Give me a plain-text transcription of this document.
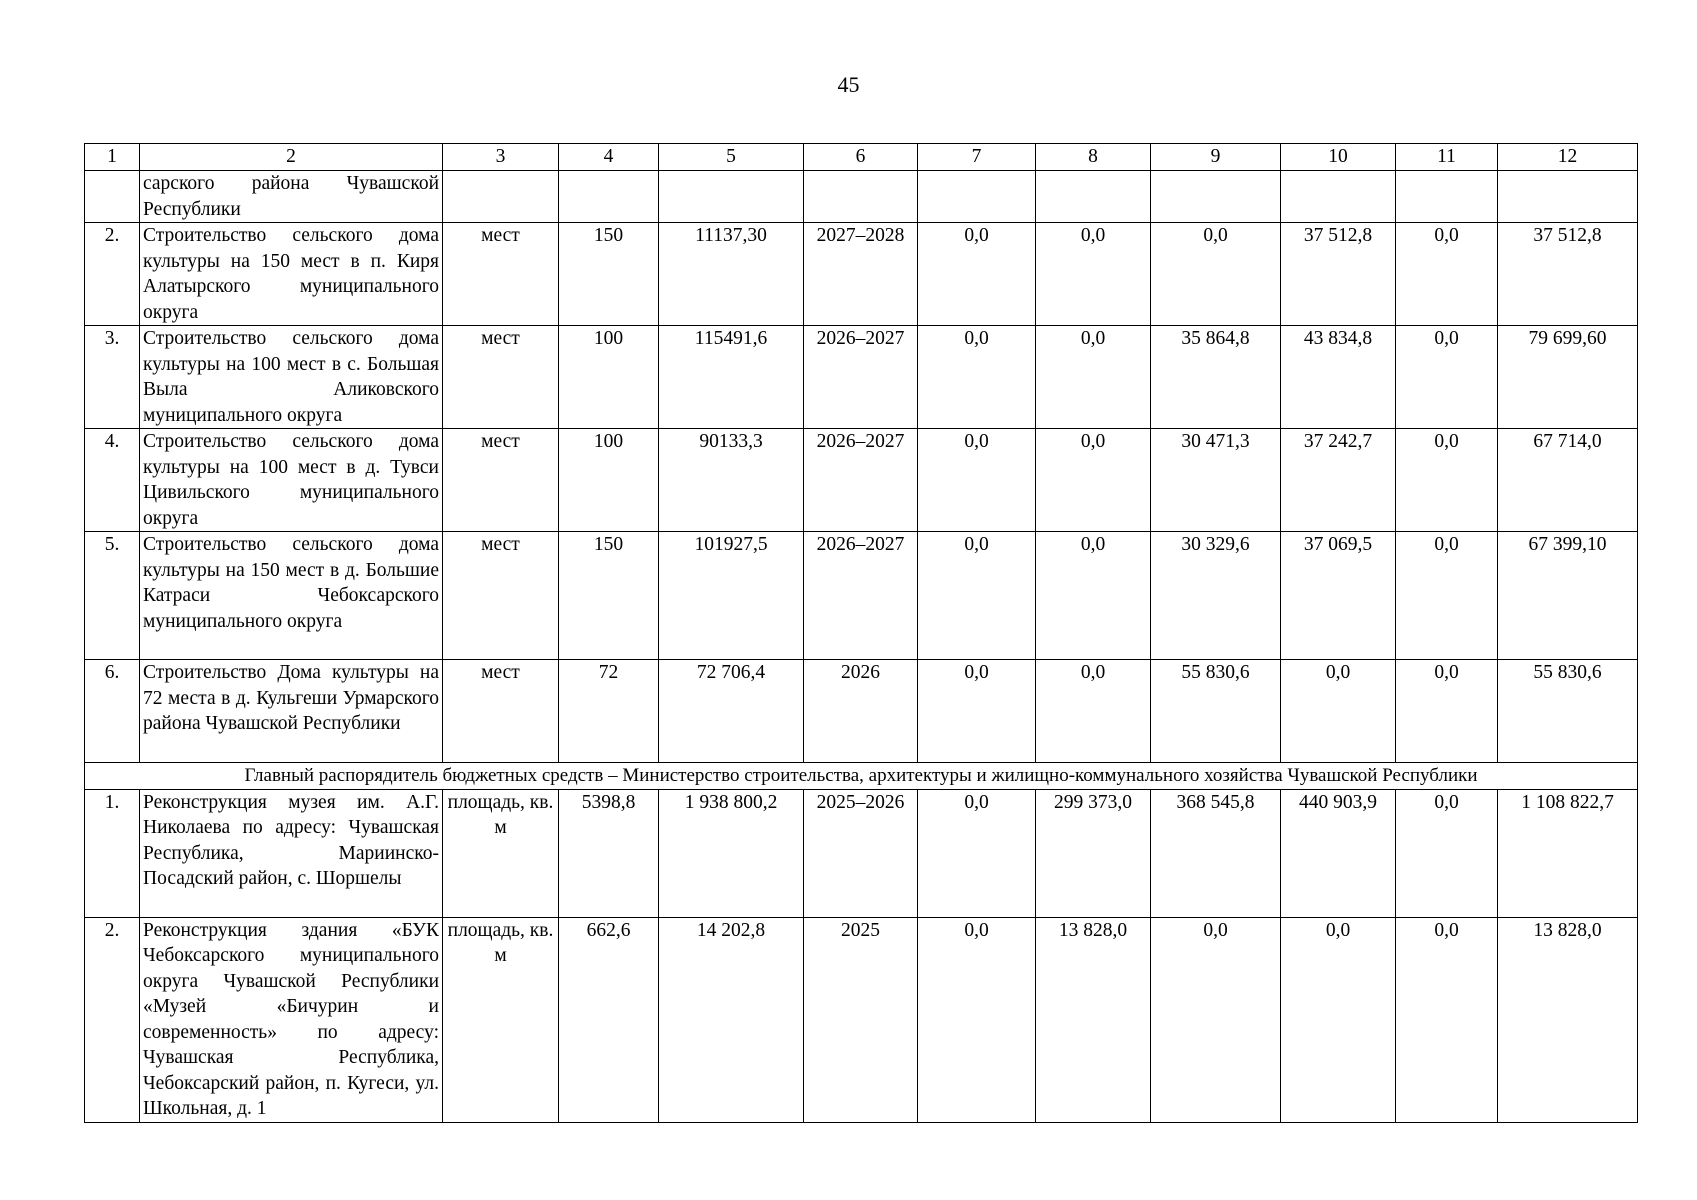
45
1	2	3	4	5	6	7	8	9	10	11	12
	сарского района Чувашской Республики										
2.	Строительство сельского дома культуры на 150 мест в п. Киря Алатырского муниципального округа	мест	150	11137,30	2027–2028	0,0	0,0	0,0	37 512,8	0,0	37 512,8
3.	Строительство сельского дома культуры на 100 мест в с. Большая Выла Аликовского муниципального округа	мест	100	115491,6	2026–2027	0,0	0,0	35 864,8	43 834,8	0,0	79 699,60
4.	Строительство сельского дома культуры на 100 мест в д. Тувси Цивильского муниципального округа	мест	100	90133,3	2026–2027	0,0	0,0	30 471,3	37 242,7	0,0	67 714,0
5.	Строительство сельского дома культуры на 150 мест в д. Большие Катраси Чебоксарского муниципального округа	мест	150	101927,5	2026–2027	0,0	0,0	30 329,6	37 069,5	0,0	67 399,10
6.	Строительство Дома культуры на 72 места в д. Кульгеши Урмарского района Чувашской Республики	мест	72	72 706,4	2026	0,0	0,0	55 830,6	0,0	0,0	55 830,6
Главный распорядитель бюджетных средств – Министерство строительства, архитектуры и жилищно-коммунального хозяйства Чувашской Республики											
1.	Реконструкция музея им. А.Г. Николаева по адресу: Чувашская Республика, Мариинско-Посадский район, с. Шоршелы	площадь, кв. м	5398,8	1 938 800,2	2025–2026	0,0	299 373,0	368 545,8	440 903,9	0,0	1 108 822,7
2.	Реконструкция здания «БУК Чебоксарского муниципального округа Чувашской Республики «Музей «Бичурин и современность» по адресу: Чувашская Республика, Чебоксарский район, п. Кугеси, ул. Школьная, д. 1	площадь, кв. м	662,6	14 202,8	2025	0,0	13 828,0	0,0	0,0	0,0	13 828,0
